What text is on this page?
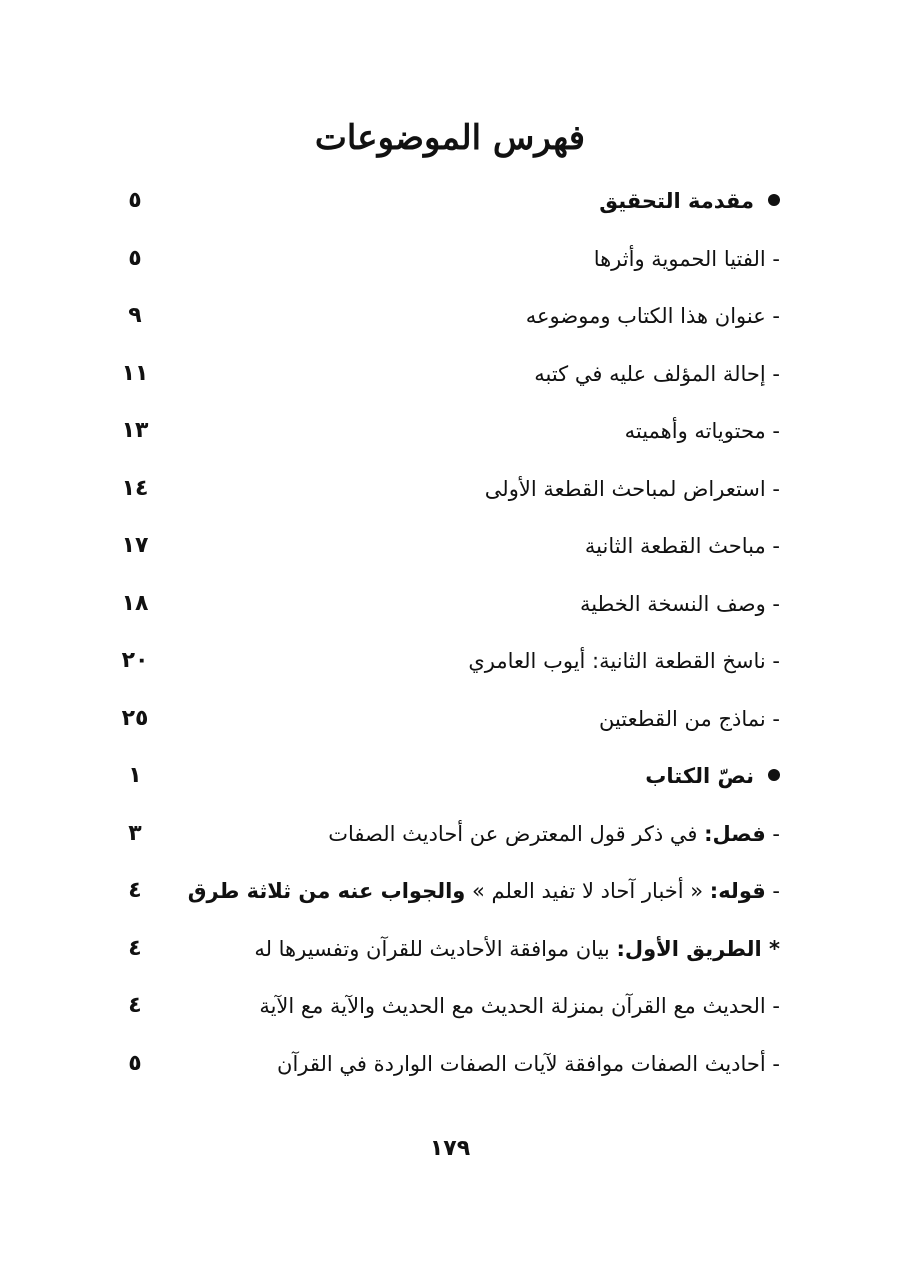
فهرس الموضوعات
مقدمة التحقيق
٥
- الفتيا الحموية وأثرها
٥
- عنوان هذا الكتاب وموضوعه
٩
- إحالة المؤلف عليه في كتبه
١١
- محتوياته وأهميته
١٣
- استعراض لمباحث القطعة الأولى
١٤
- مباحث القطعة الثانية
١٧
- وصف النسخة الخطية
١٨
- ناسخ القطعة الثانية: أيوب العامري
٢٠
- نماذج من القطعتين
٢٥
نصّ الكتاب
١
- فصل: في ذكر قول المعترض عن أحاديث الصفات
٣
- قوله: « أخبار آحاد لا تفيد العلم » والجواب عنه من ثلاثة طرق
٤
* الطريق الأول: بيان موافقة الأحاديث للقرآن وتفسيرها له
٤
- الحديث مع القرآن بمنزلة الحديث مع الحديث والآية مع الآية
٤
- أحاديث الصفات موافقة لآيات الصفات الواردة في القرآن
٥
١٧٩
